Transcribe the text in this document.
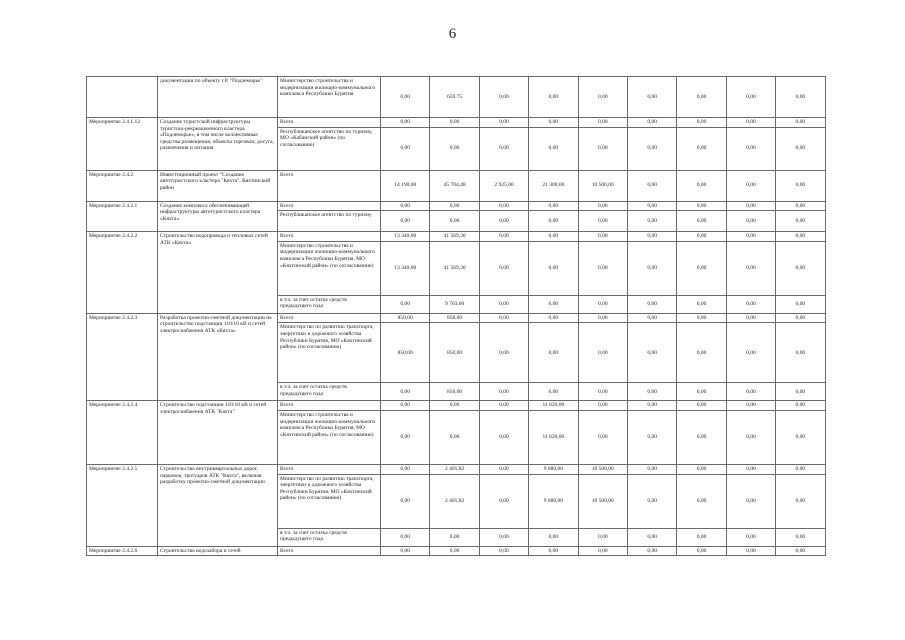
6
	документации по объекту г.Р. "Подлеморье"	Министерство строительства и модернизации жилищно-коммунального комплекса Республики Бурятия	0,00	659,75	0,00	0,00	0,00	0,00	0,00	0,00	0,00
Мероприятие 2.4.1.12	Создание туристской инфраструктуры туристско-рекреационного кластера «Подлеморье», в том числе коллективные средства размещения, объекты торговли, досуга, развлечения и питания	Всего	0,00	0,00	0,00	0,00	0,00	0,00	0,00	0,00	0,00
		Республиканское агентство по туризму, МО «Кабанский район» (по согласованию)	0,00	0,00	0,00	0,00	0,00	0,00	0,00	0,00	0,00
Мероприятие 2.4.2	Инвестиционный проект "Создание автотуристского кластера "Кяхта", Кяхтинский район	Всего	14 190,00	45 704,48	2 925,00	21 300,00	10 500,00	0,00	0,00	0,00	0,00
Мероприятие 2.4.2.1	Создание комплекса обеспечивающей инфраструктуры автотуристского кластера «Кяхта»	Всего	0,00	0,00	0,00	0,00	0,00	0,00	0,00	0,00	0,00
		Республиканское агентство по туризму	0,00	0,00	0,00	0,00	0,00	0,00	0,00	0,00	0,00
Мероприятие 2.4.2.2	Строительство водопровода и тепловых сетей АТК «Кяхта»	Всего	13 340,00	41 569,30	0,00	0,00	0,00	0,00	0,00	0,00	0,00
		Министерство строительства и модернизации жилищно-коммунального комплекса Республики Бурятия, МО «Кяхтинский район» (по согласованию)	13 340,00	41 569,30	0,00	0,00	0,00	0,00	0,00	0,00	0,00
		в т.ч. за счет остатка средств предыдущего года	0,00	9 703,00	0,00	0,00	0,00	0,00	0,00	0,00	0,00
Мероприятие 2.4.2.3	Разработка проектно-сметной документации на строительство подстанции 110/10 кВ и сетей электроснабжения АТК «Кяхта»	Всего	850,00	850,00	0,00	0,00	0,00	0,00	0,00	0,00	0,00
		Министерство по развитию транспорта, энергетики и дорожного хозяйства Республики Бурятия, МО «Кяхтинский район» (по согласованию)	850,00	850,00	0,00	0,00	0,00	0,00	0,00	0,00	0,00
		в т.ч. за счет остатка средств предыдущего года	0,00	850,00	0,00	0,00	0,00	0,00	0,00	0,00	0,00
Мероприятие 2.4.2.4	Строительство подстанции 110/10 кВ и сетей электроснабжения АТК "Кяхта"	Всего	0,00	0,00	0,00	11 620,00	0,00	0,00	0,00	0,00	0,00
		Министерство строительства и модернизации жилищно-коммунального комплекса Республики Бурятия, МО «Кяхтинский район» (по согласованию)	0,00	0,00	0,00	11 620,00	0,00	0,00	0,00	0,00	0,00
Мероприятие 2.4.2.5	Строительство внутриквартальных дорог, парковок, тротуаров АТК "Кяхта", включая разработку проектно-сметной документации	Всего	0,00	2 405,82	0,00	9 680,00	10 500,00	0,00	0,00	0,00	0,00
		Министерство по развитию транспорта, энергетики и дорожного хозяйства Республики Бурятия, МО «Кяхтинский район» (по согласованию)	0,00	2 405,82	0,00	9 680,00	10 500,00	0,00	0,00	0,00	0,00
		в т.ч. за счет остатка средств предыдущего года	0,00	0,00	0,00	0,00	0,00	0,00	0,00	0,00	0,00
Мероприятие 2.4.2.6	Строительство водозабора и сетей	Всего	0,00	0,00	0,00	0,00	0,00	0,00	0,00	0,00	0,00
